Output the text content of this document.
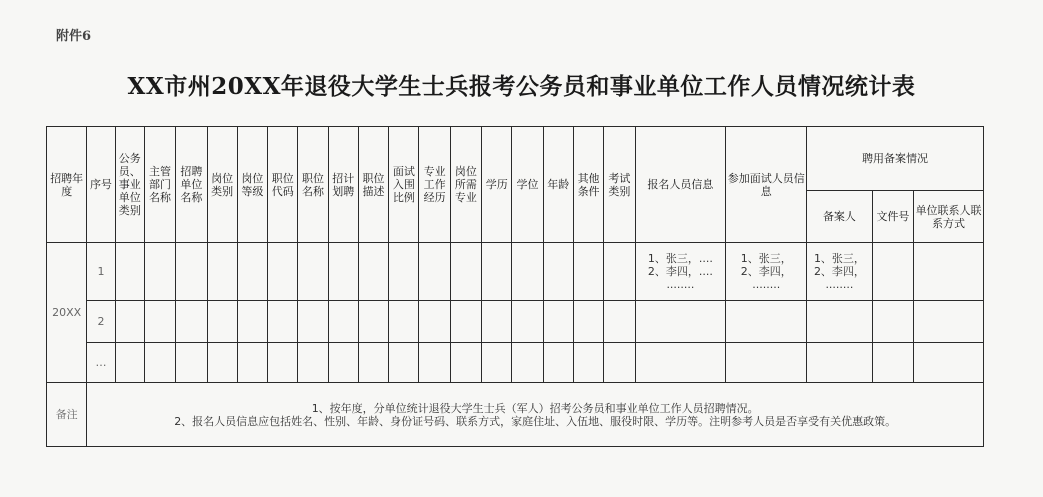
附件6
XX市州20XX年退役大学生士兵报考公务员和事业单位工作人员情况统计表
招聘年度	序号	公务员、事业单位类别	主管部门名称	招聘单位名称	岗位类别	岗位等级	职位代码	职位名称	招计划聘	职位描述	面试入围比例	专业工作经历	岗位所需专业	学历	学位	年龄	其他条件	考试类别	报名人员信息	参加面试人员信息	聘用备案情况		
																					备案人	文件号	单位联系人联系方式
20XX	1																		1、张三，....
2、李四，....
........	1、张三，
2、李四，
........	1、张三，
2、李四，
........		
	2																						
	…																						
备注	1、按年度，分单位统计退役大学生士兵（军人）招考公务员和事业单位工作人员招聘情况。
2、报名人员信息应包括姓名、性别、年龄、身份证号码、联系方式，家庭住址、入伍地、服役时限、学历等。注明参考人员是否享受有关优惠政策。																						
